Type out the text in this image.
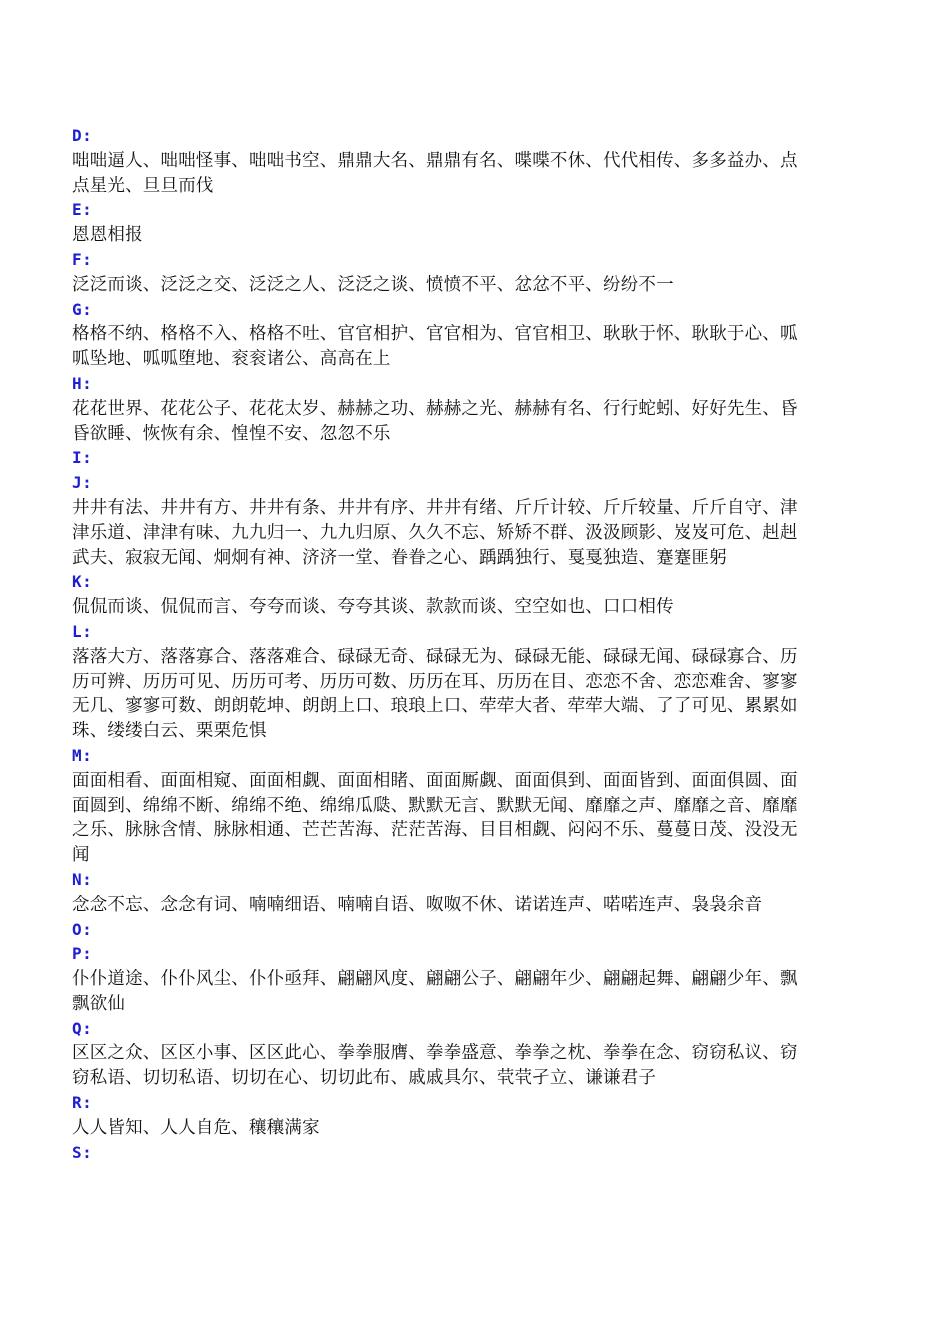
D:

咄咄逼人、咄咄怪事、咄咄书空、鼎鼎大名、鼎鼎有名、喋喋不休、代代相传、多多益办、点点星光、旦旦而伐

E:

恩恩相报

F:

泛泛而谈、泛泛之交、泛泛之人、泛泛之谈、愤愤不平、忿忿不平、纷纷不一

G:

格格不纳、格格不入、格格不吐、官官相护、官官相为、官官相卫、耿耿于怀、耿耿于心、呱呱坠地、呱呱堕地、衮衮诸公、高高在上

H:

花花世界、花花公子、花花太岁、赫赫之功、赫赫之光、赫赫有名、行行蛇蚓、好好先生、昏昏欲睡、恢恢有余、惶惶不安、忽忽不乐

I:
J:

井井有法、井井有方、井井有条、井井有序、井井有绪、斤斤计较、斤斤较量、斤斤自守、津津乐道、津津有味、九九归一、九九归原、久久不忘、矫矫不群、汲汲顾影、岌岌可危、赳赳武夫、寂寂无闻、炯炯有神、济济一堂、眷眷之心、踽踽独行、戛戛独造、蹇蹇匪躬

K:

侃侃而谈、侃侃而言、夸夸而谈、夸夸其谈、款款而谈、空空如也、口口相传

L:

落落大方、落落寡合、落落难合、碌碌无奇、碌碌无为、碌碌无能、碌碌无闻、碌碌寡合、历历可辨、历历可见、历历可考、历历可数、历历在耳、历历在目、恋恋不舍、恋恋难舍、寥寥无几、寥寥可数、朗朗乾坤、朗朗上口、琅琅上口、荦荦大者、荦荦大端、了了可见、累累如珠、缕缕白云、栗栗危惧

M:

面面相看、面面相窥、面面相觑、面面相睹、面面厮觑、面面俱到、面面皆到、面面俱圆、面面圆到、绵绵不断、绵绵不绝、绵绵瓜瓞、默默无言、默默无闻、靡靡之声、靡靡之音、靡靡之乐、脉脉含情、脉脉相通、芒芒苦海、茫茫苦海、目目相觑、闷闷不乐、蔓蔓日茂、没没无闻

N:

念念不忘、念念有词、喃喃细语、喃喃自语、呶呶不休、诺诺连声、喏喏连声、袅袅余音

O:
P:

仆仆道途、仆仆风尘、仆仆亟拜、翩翩风度、翩翩公子、翩翩年少、翩翩起舞、翩翩少年、飘飘欲仙

Q:

区区之众、区区小事、区区此心、拳拳服膺、拳拳盛意、拳拳之枕、拳拳在念、窃窃私议、窃窃私语、切切私语、切切在心、切切此布、戚戚具尔、茕茕孑立、谦谦君子

R:

人人皆知、人人自危、穰穰满家

S:
